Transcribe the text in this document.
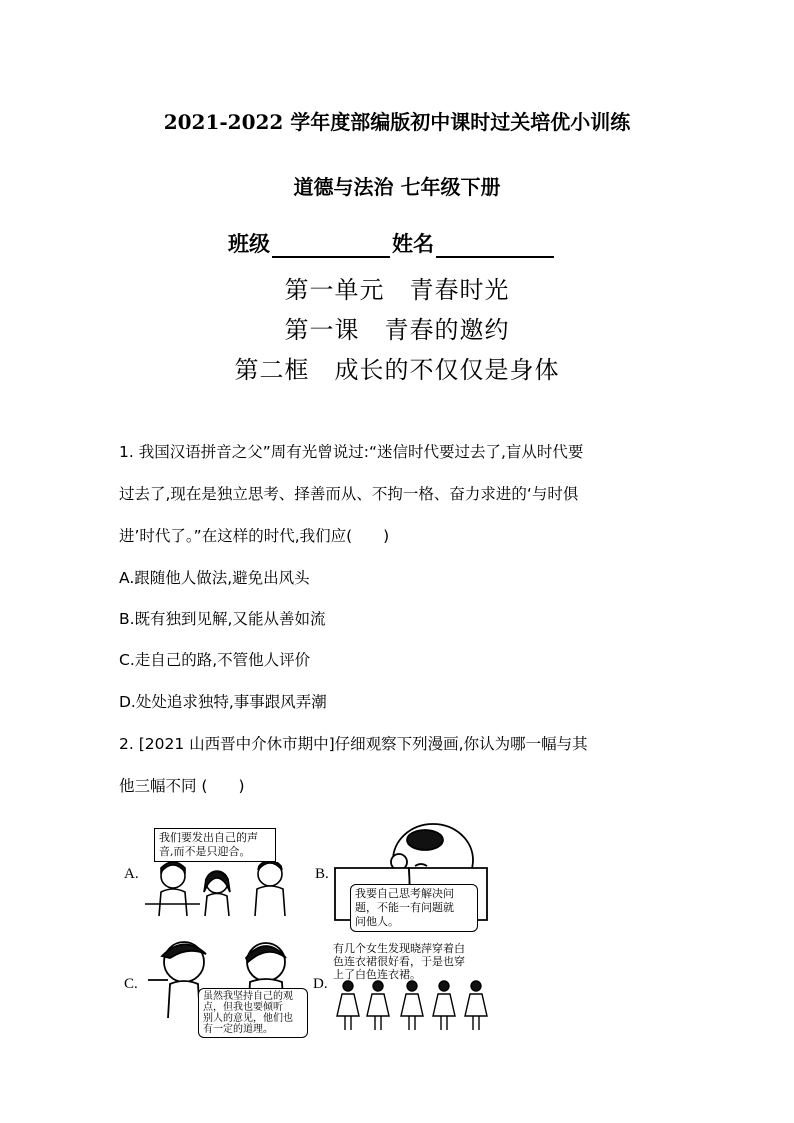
2021-2022 学年度部编版初中课时过关培优小训练
道德与法治 七年级下册
班级	姓名
第一单元　青春时光
第一课　青春的邀约
第二框　成长的不仅仅是身体
1. 我国汉语拼音之父”周有光曾说过:“迷信时代要过去了,盲从时代要
过去了,现在是独立思考、择善而从、不拘一格、奋力求进的‘与时俱
进’时代了。”在这样的时代,我们应(　　)
A.跟随他人做法,避免出风头
B.既有独到见解,又能从善如流
C.走自己的路,不管他人评价
D.处处追求独特,事事跟风弄潮
2. [2021 山西晋中介休市期中]仔细观察下列漫画,你认为哪一幅与其
他三幅不同 (　　)
A.
我们要发出自己的声
音,而不是只迎合。
B.
我要自己思考解决问
题，不能一有问题就
问他人。
C.
虽然我坚持自己的观
点，但我也要倾听
别人的意见，他们也
有一定的道理。
D.
有几个女生发现晓萍穿着白
色连衣裙很好看，于是也穿
上了白色连衣裙。
